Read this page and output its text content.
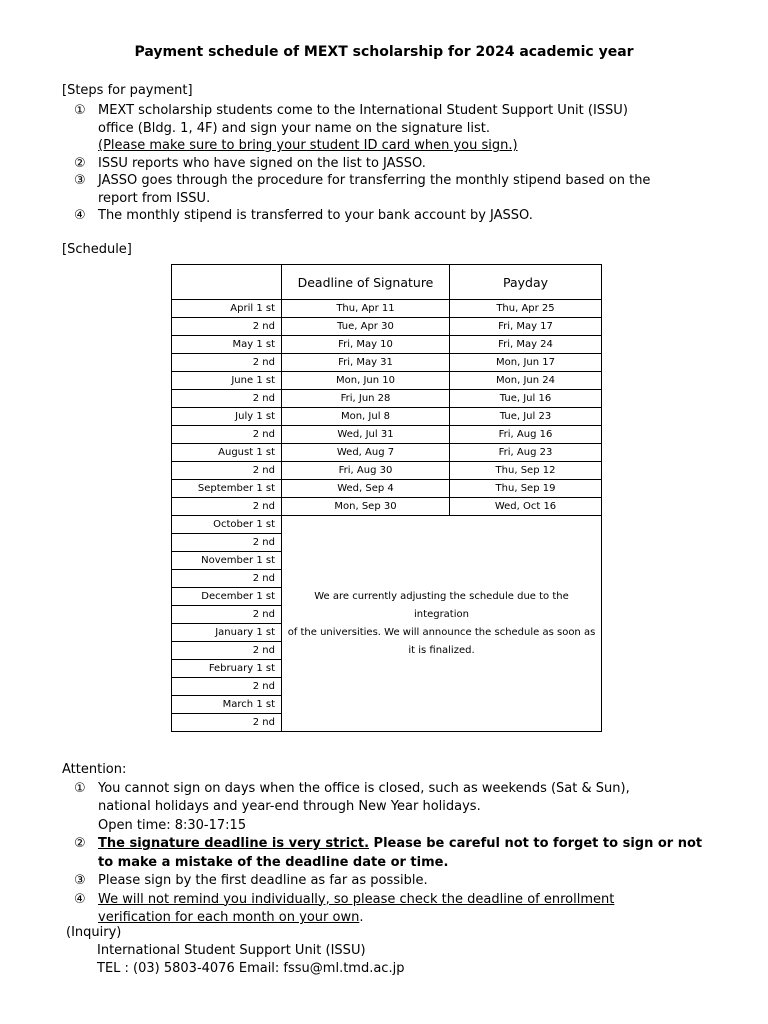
Payment schedule of MEXT scholarship for 2024 academic year
[Steps for payment]
① MEXT scholarship students come to the International Student Support Unit (ISSU)
office (Bldg. 1, 4F) and sign your name on the signature list.
(Please make sure to bring your student ID card when you sign.)
② ISSU reports who have signed on the list to JASSO.
③ JASSO goes through the procedure for transferring the monthly stipend based on the
report from ISSU.
④ The monthly stipend is transferred to your bank account by JASSO.
[Schedule]
	Deadline of Signature	Payday
April 1 st	Thu, Apr 11	Thu, Apr 25
2 nd	Tue, Apr 30	Fri, May 17
May 1 st	Fri, May 10	Fri, May 24
2 nd	Fri, May 31	Mon, Jun 17
June 1 st	Mon, Jun 10	Mon, Jun 24
2 nd	Fri, Jun 28	Tue, Jul 16
July 1 st	Mon, Jul 8	Tue, Jul 23
2 nd	Wed, Jul 31	Fri, Aug 16
August 1 st	Wed, Aug 7	Fri, Aug 23
2 nd	Fri, Aug 30	Thu, Sep 12
September 1 st	Wed, Sep 4	Thu, Sep 19
2 nd	Mon, Sep 30	Wed, Oct 16
October 1 st	We are currently adjusting the schedule due to the integration
of the universities. We will announce the schedule as soon as
it is finalized.	

2 nd		
November 1 st		
2 nd		
December 1 st		
2 nd		
January 1 st		
2 nd		
February 1 st		
2 nd		
March 1 st		
2 nd		
Attention:
① You cannot sign on days when the office is closed, such as weekends (Sat & Sun),
national holidays and year-end through New Year holidays.
Open time: 8:30-17:15
② The signature deadline is very strict. Please be careful not to forget to sign or not
to make a mistake of the deadline date or time.
③ Please sign by the first deadline as far as possible.
④ We will not remind you individually, so please check the deadline of enrollment
verification for each month on your own.
(Inquiry)
International Student Support Unit (ISSU)
TEL : (03) 5803-4076 Email: fssu@ml.tmd.ac.jp
